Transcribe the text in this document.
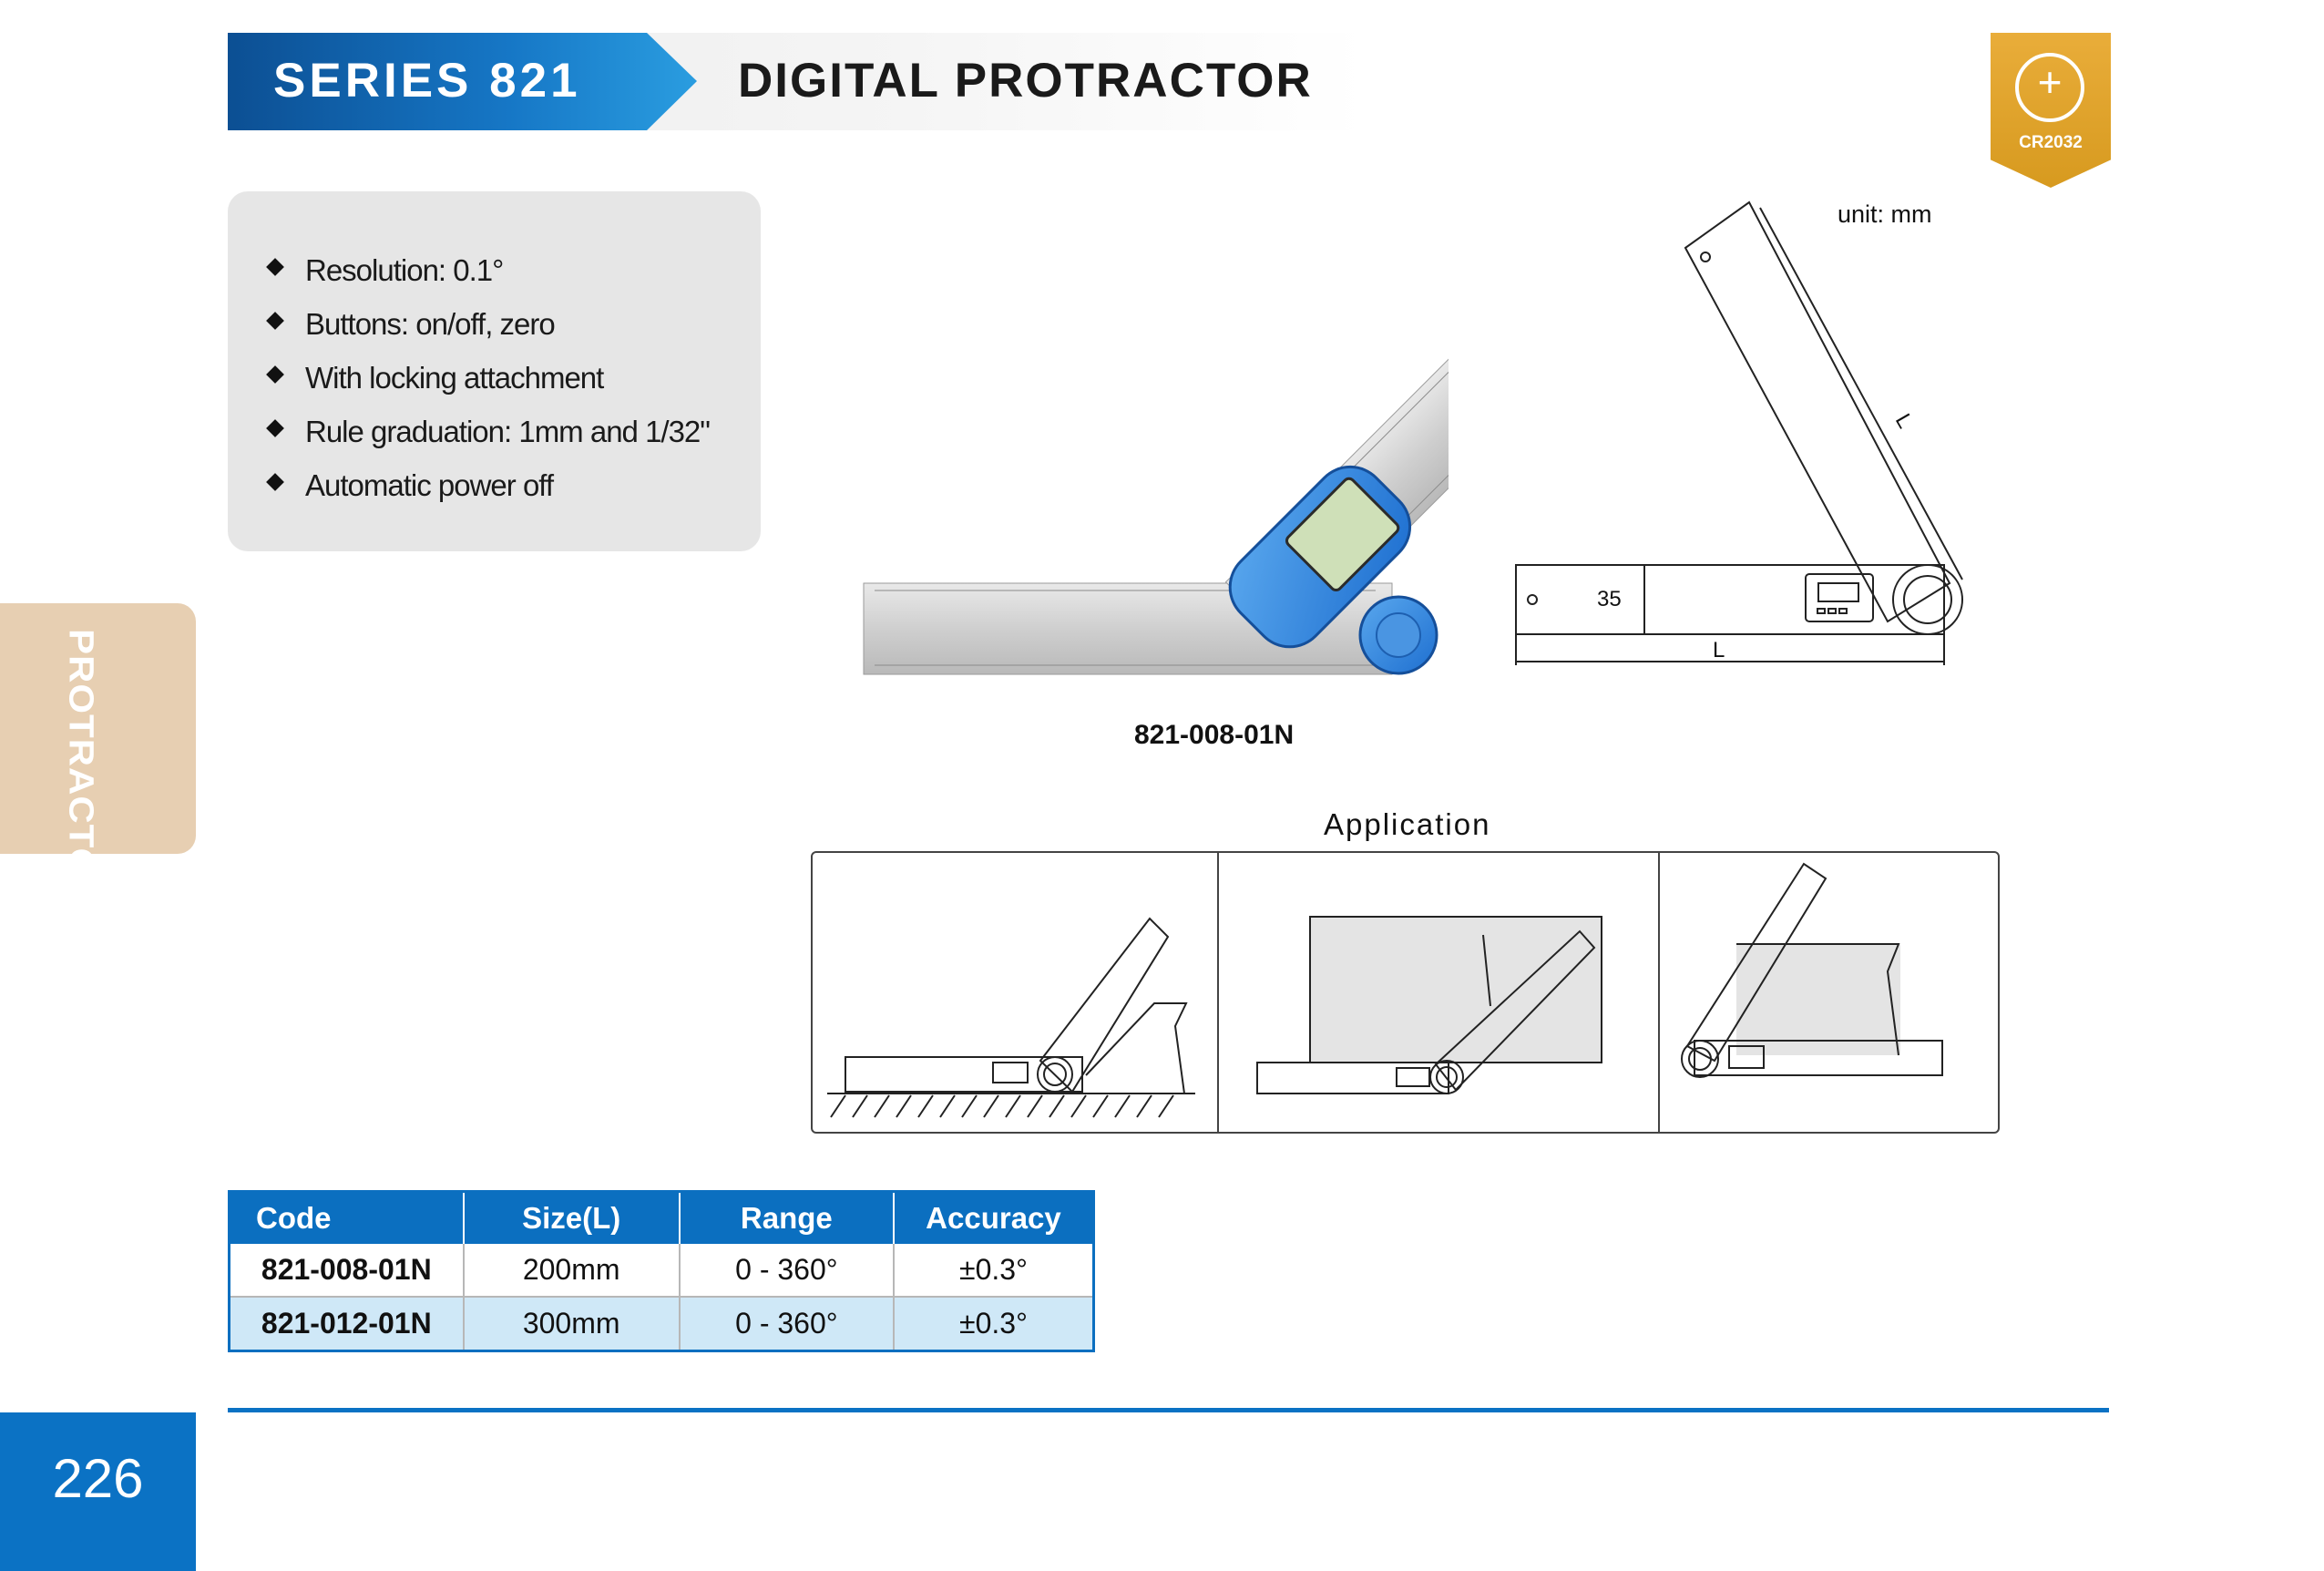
SERIES 821	DIGITAL PROTRACTOR	+
CR2032
Resolution: 0.1°
Buttons: on/off, zero
With locking attachment
Rule graduation: 1mm and 1/32"
Automatic power off
PROTRACTOR	821-008-01N
35
L
L
unit: mm
Application
Code	Size(L)	Range	Accuracy
821-008-01N	200mm	0 - 360°	±0.3°
821-012-01N	300mm	0 - 360°	±0.3°
226
